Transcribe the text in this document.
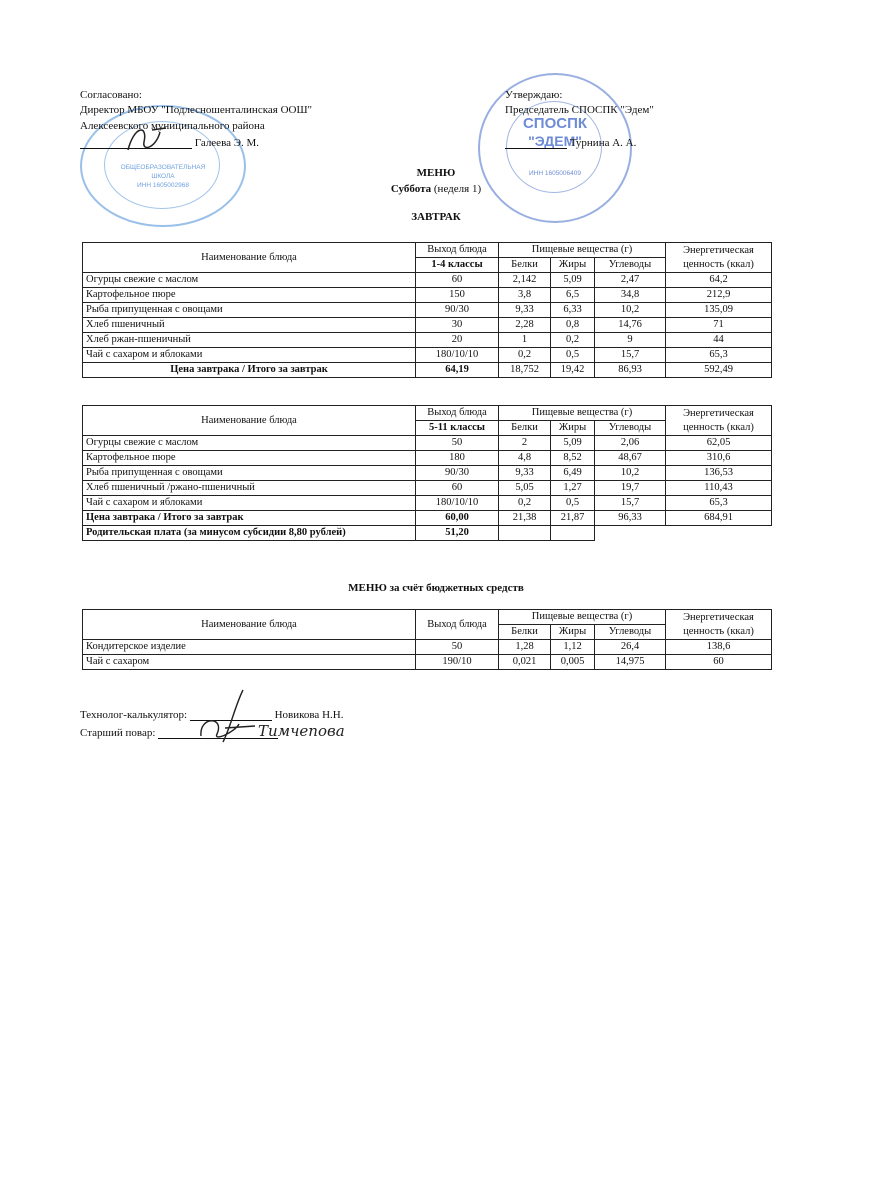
ОБЩЕОБРАЗОВАТЕЛЬНАЯ
ШКОЛА
ИНН 1605002968
СПОСПК
"ЭДЕМ"
ИНН 1605006409
Согласовано:
Директор МБОУ "Подлесношенталинская ООШ"
Алексеевского муниципального района
Галеева Э. М.
Утверждаю:
Председатель СПОСПК "Эдем"
Турнина А. А.
МЕНЮ
Суббота (неделя 1)
ЗАВТРАК
Наименование блюда	Выход блюда	Пищевые вещества (г)			Энергетическая
ценность (ккал)
	1-4 классы	Белки	Жиры	Углеводы	
Огурцы свежие с маслом	60	2,142	5,09	2,47	64,2
Картофельное пюре	150	3,8	6,5	34,8	212,9
Рыба припущенная с овощами	90/30	9,33	6,33	10,2	135,09
Хлеб пшеничный	30	2,28	0,8	14,76	71
Хлеб ржан-пшеничный	20	1	0,2	9	44
Чай с сахаром и яблоками	180/10/10	0,2	0,5	15,7	65,3
Цена завтрака / Итого за завтрак	64,19	18,752	19,42	86,93	592,49
Наименование блюда	Выход блюда	Пищевые вещества (г)			Энергетическая
ценность (ккал)
	5-11 классы	Белки	Жиры	Углеводы	
Огурцы свежие с маслом	50	2	5,09	2,06	62,05
Картофельное пюре	180	4,8	8,52	48,67	310,6
Рыба припущенная с овощами	90/30	9,33	6,49	10,2	136,53
Хлеб пшеничный /ржано-пшеничный	60	5,05	1,27	19,7	110,43
Чай с сахаром и яблоками	180/10/10	0,2	0,5	15,7	65,3
Цена завтрака / Итого за завтрак	60,00	21,38	21,87	96,33	684,91
Родительская плата (за минусом субсидии 8,80 рублей)	51,20				
МЕНЮ за счёт бюджетных средств
Наименование блюда	Выход блюда	Пищевые вещества (г)			Энергетическая
ценность (ккал)
		Белки	Жиры	Углеводы	
Кондитерское изделие	50	1,28	1,12	26,4	138,6
Чай с сахаром	190/10	0,021	0,005	14,975	60
Технолог-калькулятор:	Новикова Н.Н.
Старший повар:	Тимчепова
